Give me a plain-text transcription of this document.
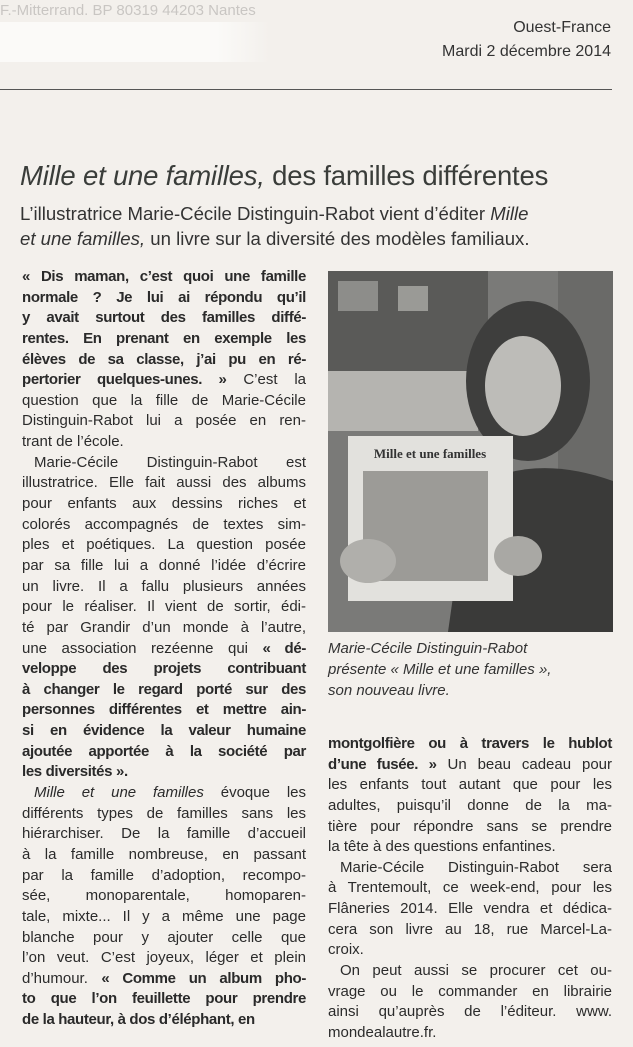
F.-Mitterrand. BP 80319 44203 Nantes
Ouest-France
Mardi 2 décembre 2014
Mille et une familles, des familles différentes
L’illustratrice Marie-Cécile Distinguin-Rabot vient d’éditer Mille
et une familles, un livre sur la diversité des modèles familiaux.
Mille et une familles
Marie-Cécile Distinguin-Rabot
présente « Mille et une familles »,
son nouveau livre.
« Dis maman, c’est quoi une famille
normale ? Je lui ai répondu qu’il
y avait surtout des familles diffé-
rentes. En prenant en exemple les
élèves de sa classe, j’ai pu en ré-
pertorier quelques-unes. » C’est la
question que la fille de Marie-Cécile
Distinguin-Rabot lui a posée en ren-
trant de l’école.
Marie-Cécile Distinguin-Rabot est
illustratrice. Elle fait aussi des albums
pour enfants aux dessins riches et
colorés accompagnés de textes sim-
ples et poétiques. La question posée
par sa fille lui a donné l’idée d’écrire
un livre. Il a fallu plusieurs années
pour le réaliser. Il vient de sortir, édi-
té par Grandir d’un monde à l’autre,
une association rezéenne qui « dé-
veloppe des projets contribuant
à changer le regard porté sur des
personnes différentes et mettre ain-
si en évidence la valeur humaine
ajoutée apportée à la société par
les diversités ».
Mille et une familles évoque les
différents types de familles sans les
hiérarchiser. De la famille d’accueil
à la famille nombreuse, en passant
par la famille d’adoption, recompo-
sée, monoparentale, homoparen-
tale, mixte... Il y a même une page
blanche pour y ajouter celle que
l’on veut. C’est joyeux, léger et plein
d’humour. « Comme un album pho-
to que l’on feuillette pour prendre
de la hauteur, à dos d’éléphant, en
montgolfière ou à travers le hublot
d’une fusée. » Un beau cadeau pour
les enfants tout autant que pour les
adultes, puisqu’il donne de la ma-
tière pour répondre sans se prendre
la tête à des questions enfantines.
Marie-Cécile Distinguin-Rabot sera
à Trentemoult, ce week-end, pour les
Flâneries 2014. Elle vendra et dédica-
cera son livre au 18, rue Marcel-La-
croix.
On peut aussi se procurer cet ou-
vrage ou le commander en librairie
ainsi qu’auprès de l’éditeur. www.
mondealautre.fr.
